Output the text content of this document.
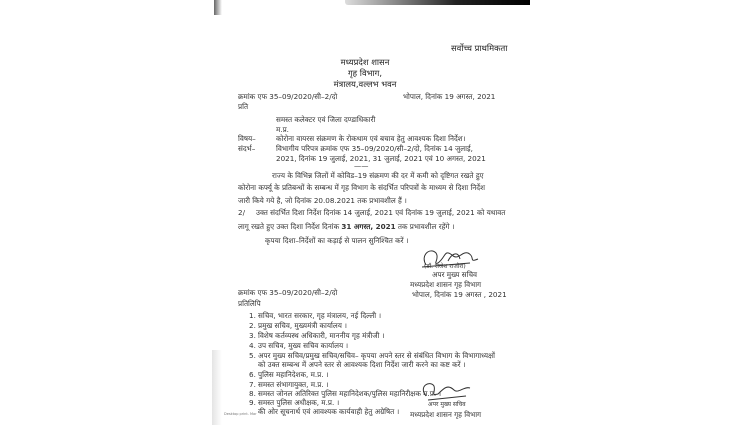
सर्वोच्च प्राथमिकता
मध्यप्रदेश शासन
गृह विभाग,
मंत्रालय,वल्लभ भवन
क्रमांक एफ 35–09/2020/सी–2/दो	भोपाल, दिनांक 19 अगस्त, 2021
प्रति
समस्त कलेक्टर एवं जिला दण्डाधिकारी
म.प्र.
विषय–	कोरोना वायरस संक्रमण के रोकथाम एवं बचाव हेतु आवश्यक दिशा निर्देश।
संदर्भ–	विभागीय परिपत्र क्रमांक एफ 35–09/2020/सी–2/दो, दिनांक 14 जुलाई,
2021, दिनांक 19 जुलाई, 2021, 31 जुलाई, 2021 एवं 10 अगस्त, 2021
——
राज्य के विभिन्न जिलों में कोविड–19 संक्रमण की दर में कमी को दृष्टिगत रखते हुए
कोरोना कर्फ्यू के प्रतिबन्धों के सम्बन्ध में गृह विभाग के संदर्भित परिपत्रों के माध्यम से दिशा निर्देश
जारी किये गये है, जो दिनांक 20.08.2021 तक प्रभावशील हैं ।
2/ उक्त संदर्भित दिशा निर्देश दिनांक 14 जुलाई, 2021 एवं दिनांक 19 जुलाई, 2021 को यथावत
लागू रखते हुए उक्त दिशा निर्देश दिनांक 31 अगस्त, 2021 तक प्रभावशील रहेंगे ।
कृपया दिशा–निर्देशों का कड़ाई से पालन सुनिश्चित करें ।
(डॉ. राजेश राजौरा)
अपर मुख्य सचिव
मध्यप्रदेश शासन गृह विभाग
क्रमांक एफ 35–09/2020/सी–2/दो	भोपाल, दिनांक 19 अगस्त , 2021
प्रतिलिपि
1. सचिव, भारत सरकार, गृह मंत्रालय, नई दिल्ली ।
2. प्रमुख सचिव, मुख्यमंत्री कार्यालय ।
3. विशेष कर्तव्यस्थ अधिकारी, माननीय गृह मंत्रीजी ।
4. उप सचिव, मुख्य सचिव कार्यालय ।
5. अपर मुख्य सचिव/प्रमुख सचिव/सचिव– कृपया अपने स्तर से संबंधित विभाग के विभागाध्यक्षों
को उक्त सम्बन्ध में अपने स्तर से आवश्यक दिशा निर्देश जारी करने का कष्ट करें ।
6. पुलिस महानिदेशक, म.प्र. ।
7. समस्त संभागायुक्त, म.प्र. ।
8. समस्त जोनल अतिरिक्त पुलिस महानिदेशक/पुलिस महानिरीक्षक म.प्र. ।
9. समस्त पुलिस अधीक्षक, म.प्र. ।
की ओर सूचनार्थ एवं आवश्यक कार्यवाही हेतु अग्रेषित ।
अपर मुख्य सचिव
मध्यप्रदेश शासन गृह विभाग
Desktop print. Mar
